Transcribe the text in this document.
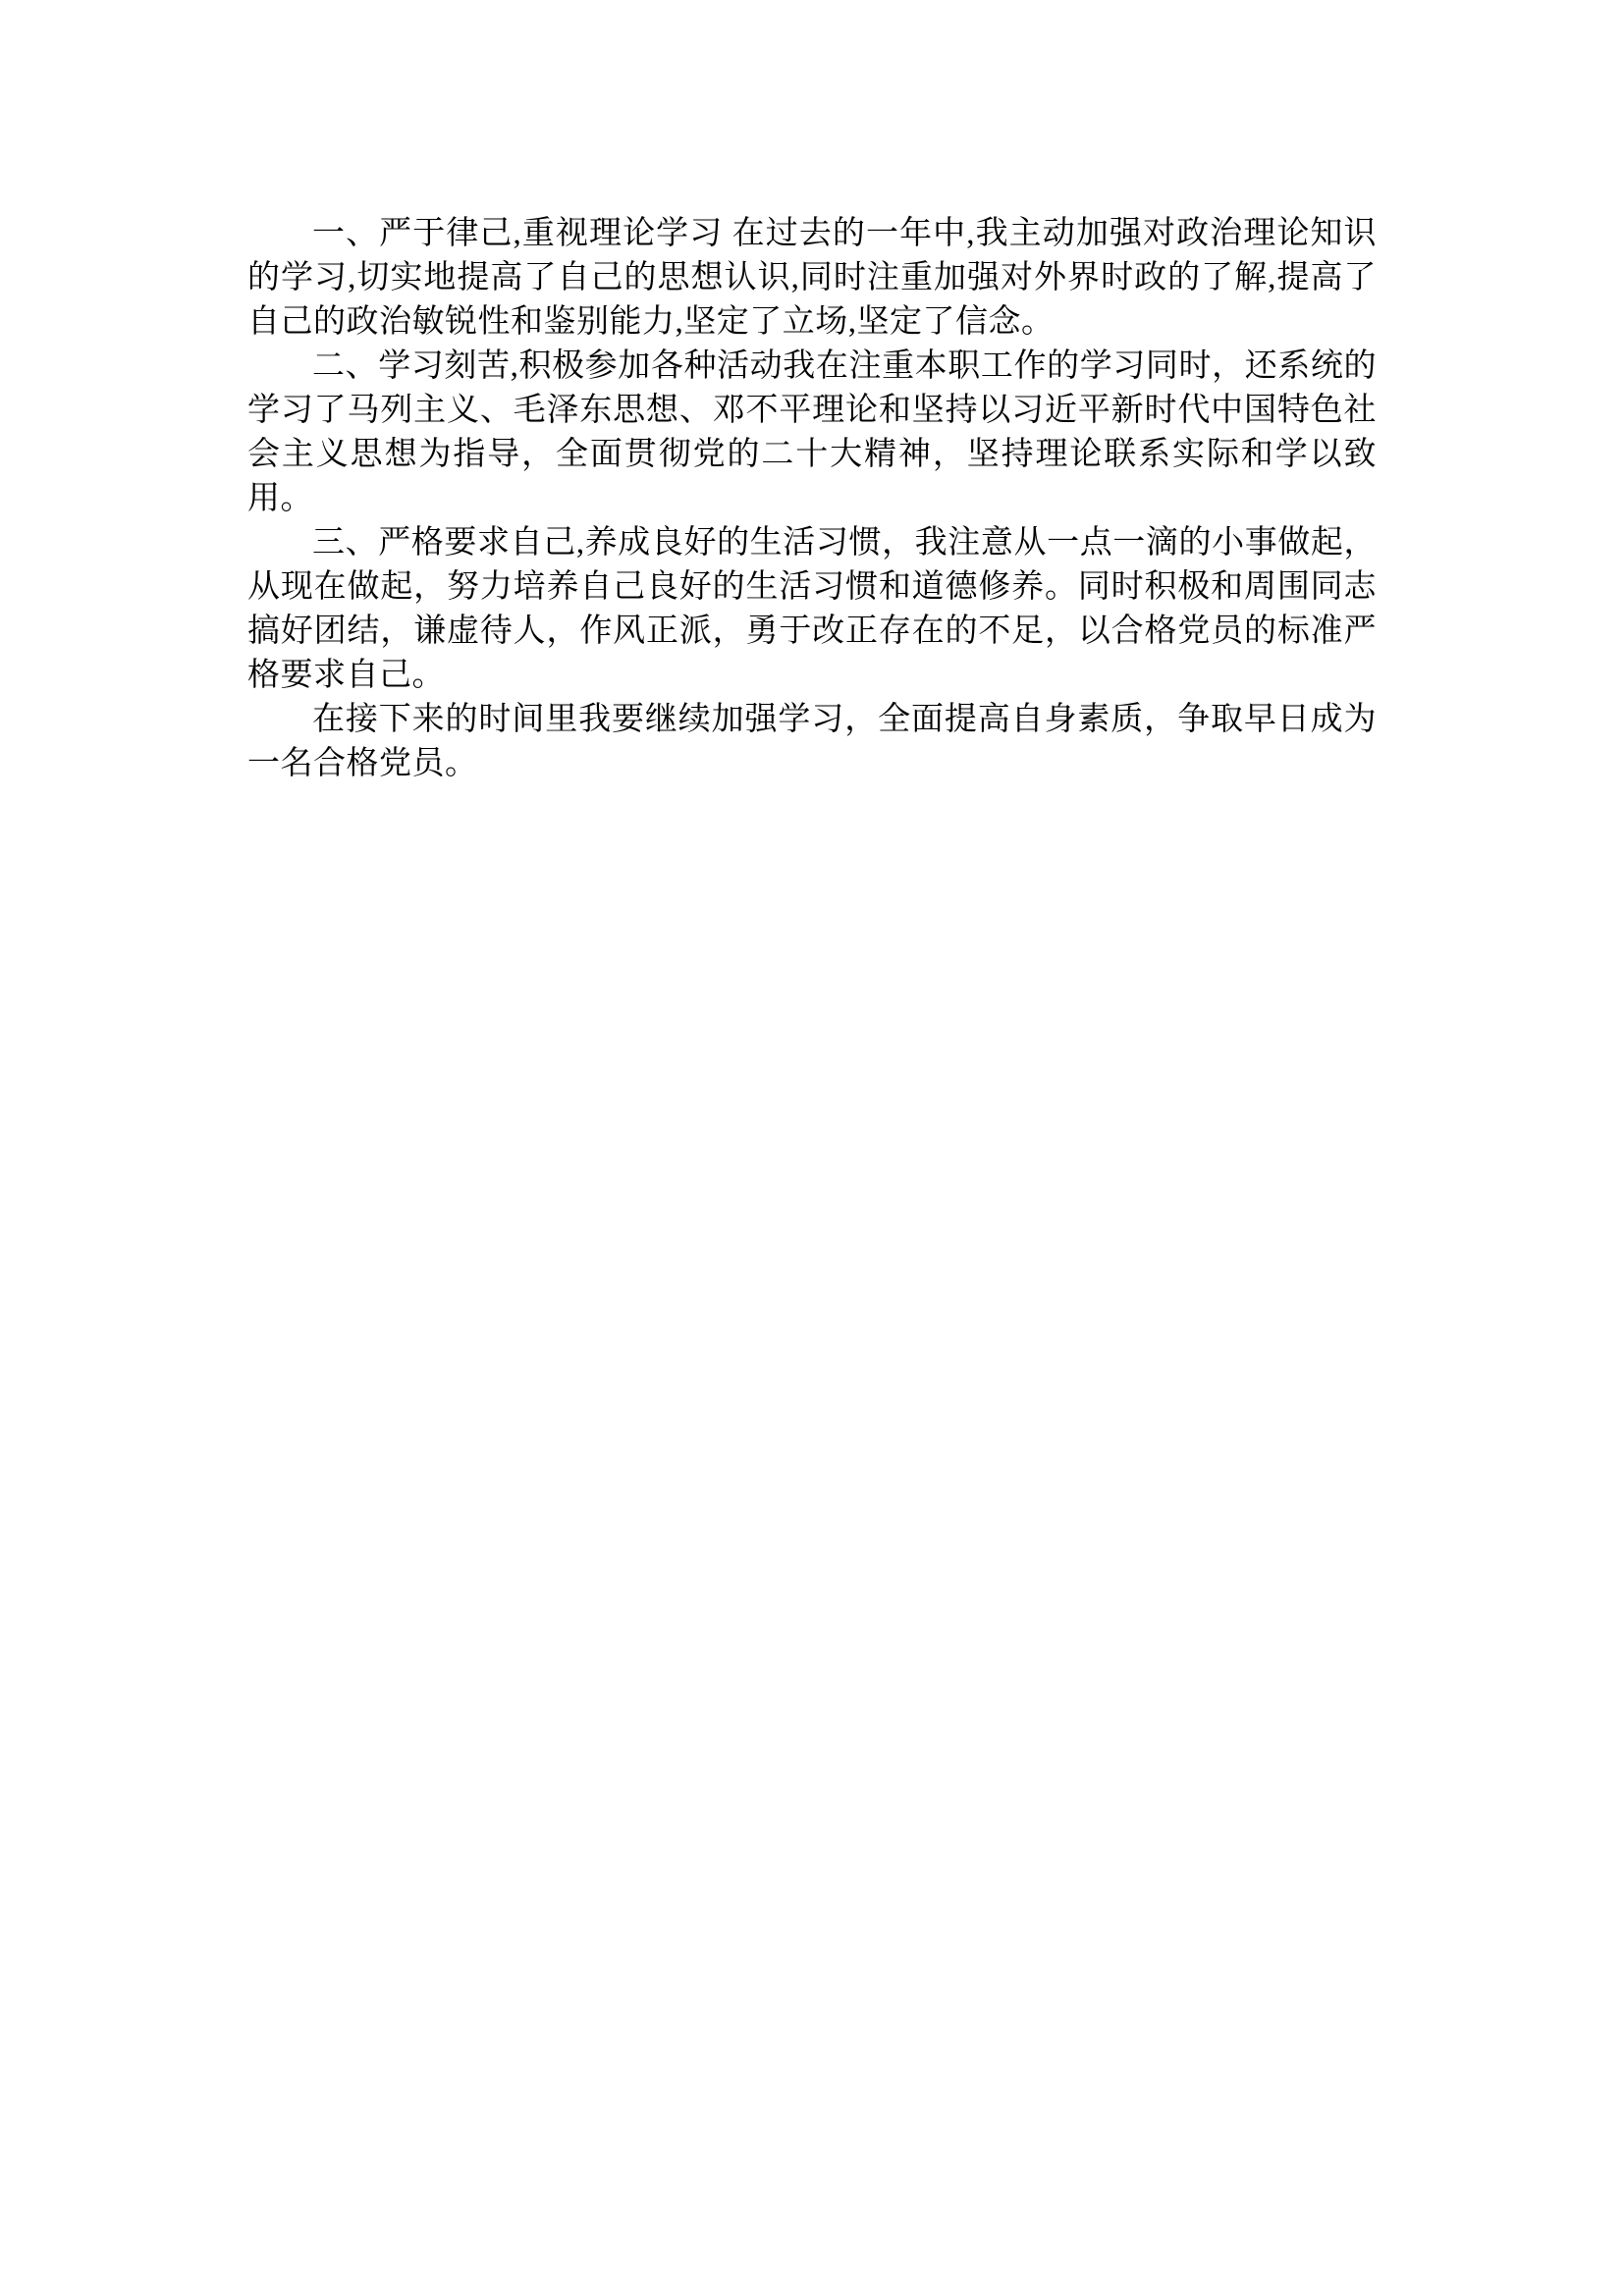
一、严于律己,重视理论学习 在过去的一年中,我主动加强对政治理论知识的学习,切实地提高了自己的思想认识,同时注重加强对外界时政的了解,提高了自己的政治敏锐性和鉴别能力,坚定了立场,坚定了信念。

二、学习刻苦,积极参加各种活动我在注重本职工作的学习同时，还系统的学习了马列主义、毛泽东思想、邓不平理论和坚持以习近平新时代中国特色社会主义思想为指导，全面贯彻党的二十大精神，坚持理论联系实际和学以致用。

三、严格要求自己,养成良好的生活习惯，我注意从一点一滴的小事做起，从现在做起，努力培养自己良好的生活习惯和道德修养。同时积极和周围同志搞好团结，谦虚待人，作风正派，勇于改正存在的不足，以合格党员的标准严格要求自己。

在接下来的时间里我要继续加强学习，全面提高自身素质，争取早日成为一名合格党员。
